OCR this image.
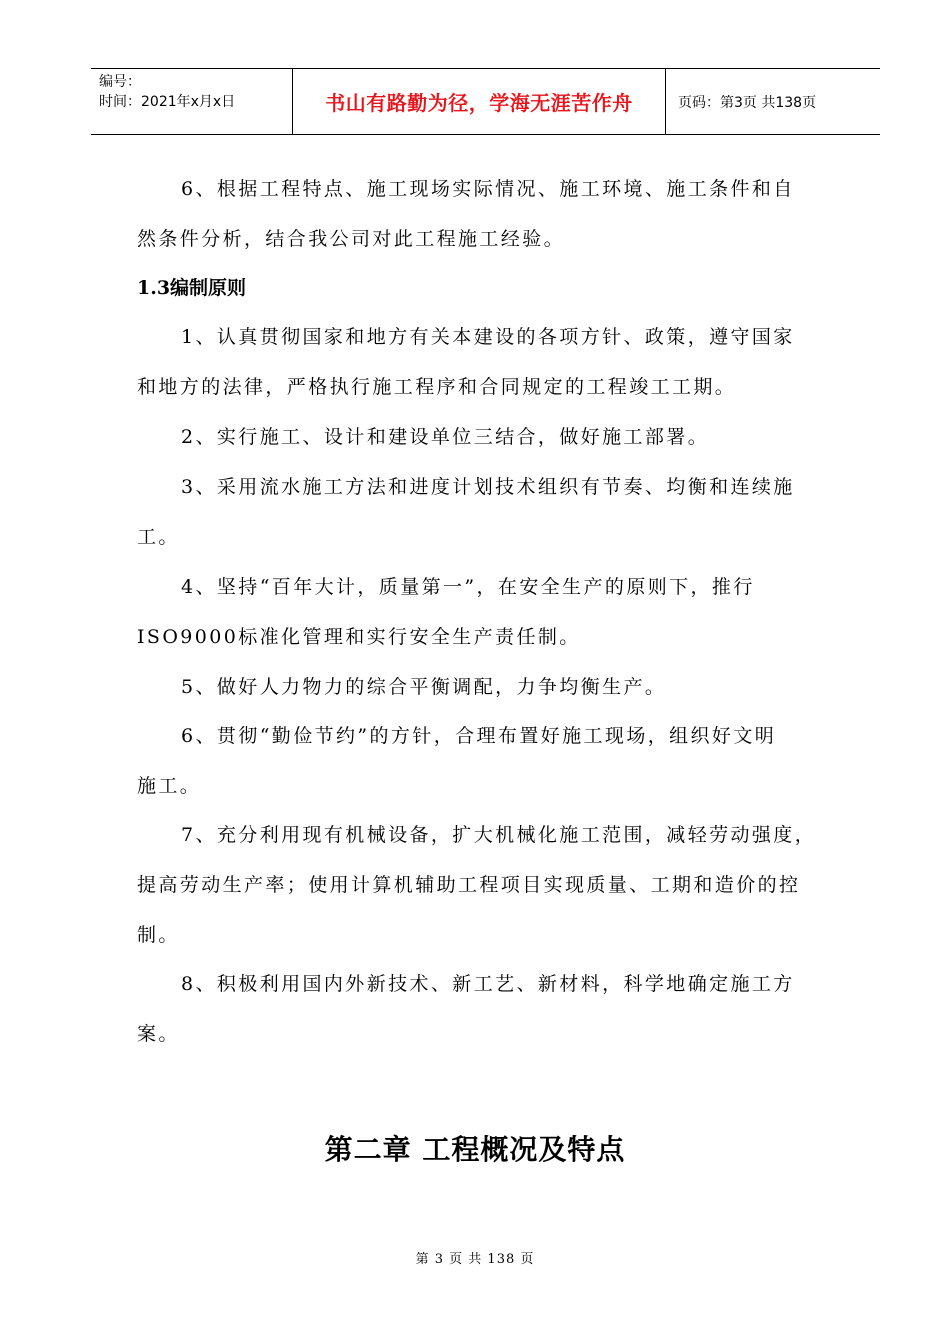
编号：
时间：2021年x月x日	书山有路勤为径，学海无涯苦作舟	页码：第3页 共138页
6、根据工程特点、施工现场实际情况、施工环境、施工条件和自
然条件分析，结合我公司对此工程施工经验。
1.3编制原则
1、认真贯彻国家和地方有关本建设的各项方针、政策，遵守国家
和地方的法律，严格执行施工程序和合同规定的工程竣工工期。
2、实行施工、设计和建设单位三结合，做好施工部署。
3、采用流水施工方法和进度计划技术组织有节奏、均衡和连续施
工。
4、坚持“百年大计，质量第一”，在安全生产的原则下，推行
ISO9000标准化管理和实行安全生产责任制。
5、做好人力物力的综合平衡调配，力争均衡生产。
6、贯彻“勤俭节约”的方针，合理布置好施工现场，组织好文明
施工。
7、充分利用现有机械设备，扩大机械化施工范围，减轻劳动强度，
提高劳动生产率；使用计算机辅助工程项目实现质量、工期和造价的控
制。
8、积极利用国内外新技术、新工艺、新材料，科学地确定施工方
案。
第二章 工程概况及特点
第 3 页 共 138 页
